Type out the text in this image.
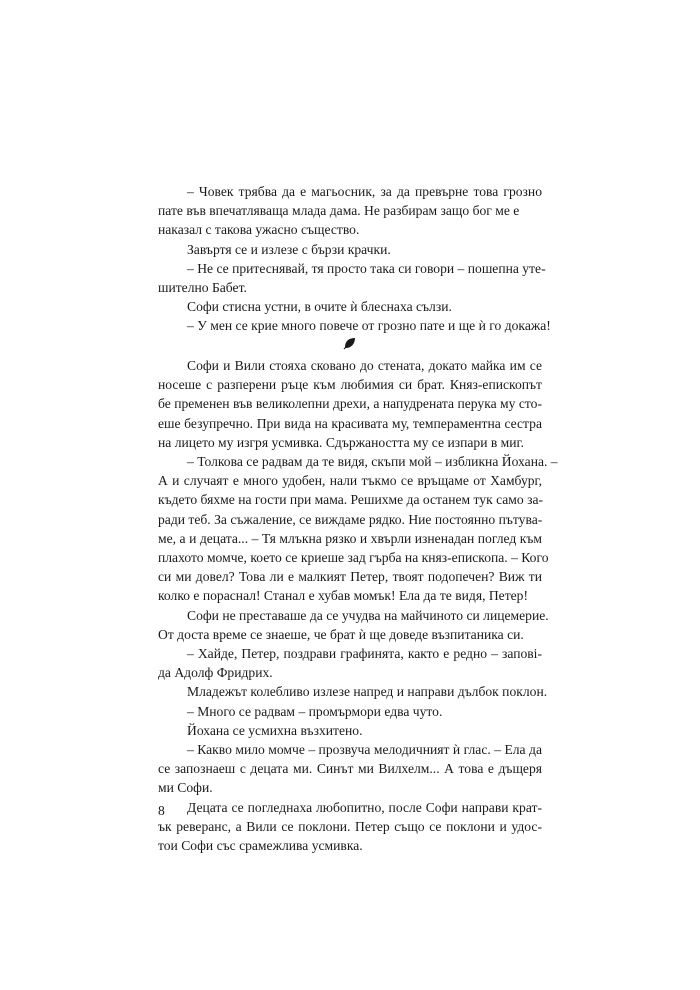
– Човек трябва да е магьосник, за да превърне това грозно

пате във впечатляваща млада дама. Не разбирам защо бог ме е

наказал с такова ужасно същество.

Завъртя се и излезе с бързи крачки.

– Не се притеснявай, тя просто така си говори – пошепна уте-

шително Бабет.

Софи стисна устни, в очите ѝ блеснаха сълзи.

– У мен се крие много повече от грозно пате и ще ѝ го докажа!

Софи и Вили стояха сковано до стената, докато майка им се

носеше с разперени ръце към любимия си брат. Княз-епископът

бе пременен във великолепни дрехи, а напудрената перука му сто-

еше безупречно. При вида на красивата му, темпераментна сестра

на лицето му изгря усмивка. Сдържаността му се изпари в миг.

– Толкова се радвам да те видя, скъпи мой – избликна Йохана. –

А и случаят е много удобен, нали тъкмо се връщаме от Хамбург,

където бяхме на гости при мама. Решихме да останем тук само за-

ради теб. За съжаление, се виждаме рядко. Ние постоянно пътува-

ме, а и децата... – Тя млъкна рязко и хвърли изненадан поглед към

плахото момче, което се криеше зад гърба на княз-епископа. – Кого

си ми довел? Това ли е малкият Петер, твоят подопечен? Виж ти

колко е пораснал! Станал е хубав момък! Ела да те видя, Петер!

Софи не преставаше да се учудва на майчиното си лицемерие.

От доста време се знаеше, че брат ѝ ще доведе възпитаника си.

– Хайде, Петер, поздрави графинята, както е редно – запові-

да Адолф Фридрих.

Младежът колебливо излезе напред и направи дълбок поклон.

– Много се радвам – промърмори едва чуто.

Йохана се усмихна възхитено.

– Какво мило момче – прозвуча мелодичният ѝ глас. – Ела да

се запознаеш с децата ми. Синът ми Вилхелм... А това е дъщеря

ми Софи.

Децата се погледнаха любопитно, после Софи направи крат-

ък реверанс, а Вили се поклони. Петер също се поклони и удос-

тои Софи със срамежлива усмивка.

8
